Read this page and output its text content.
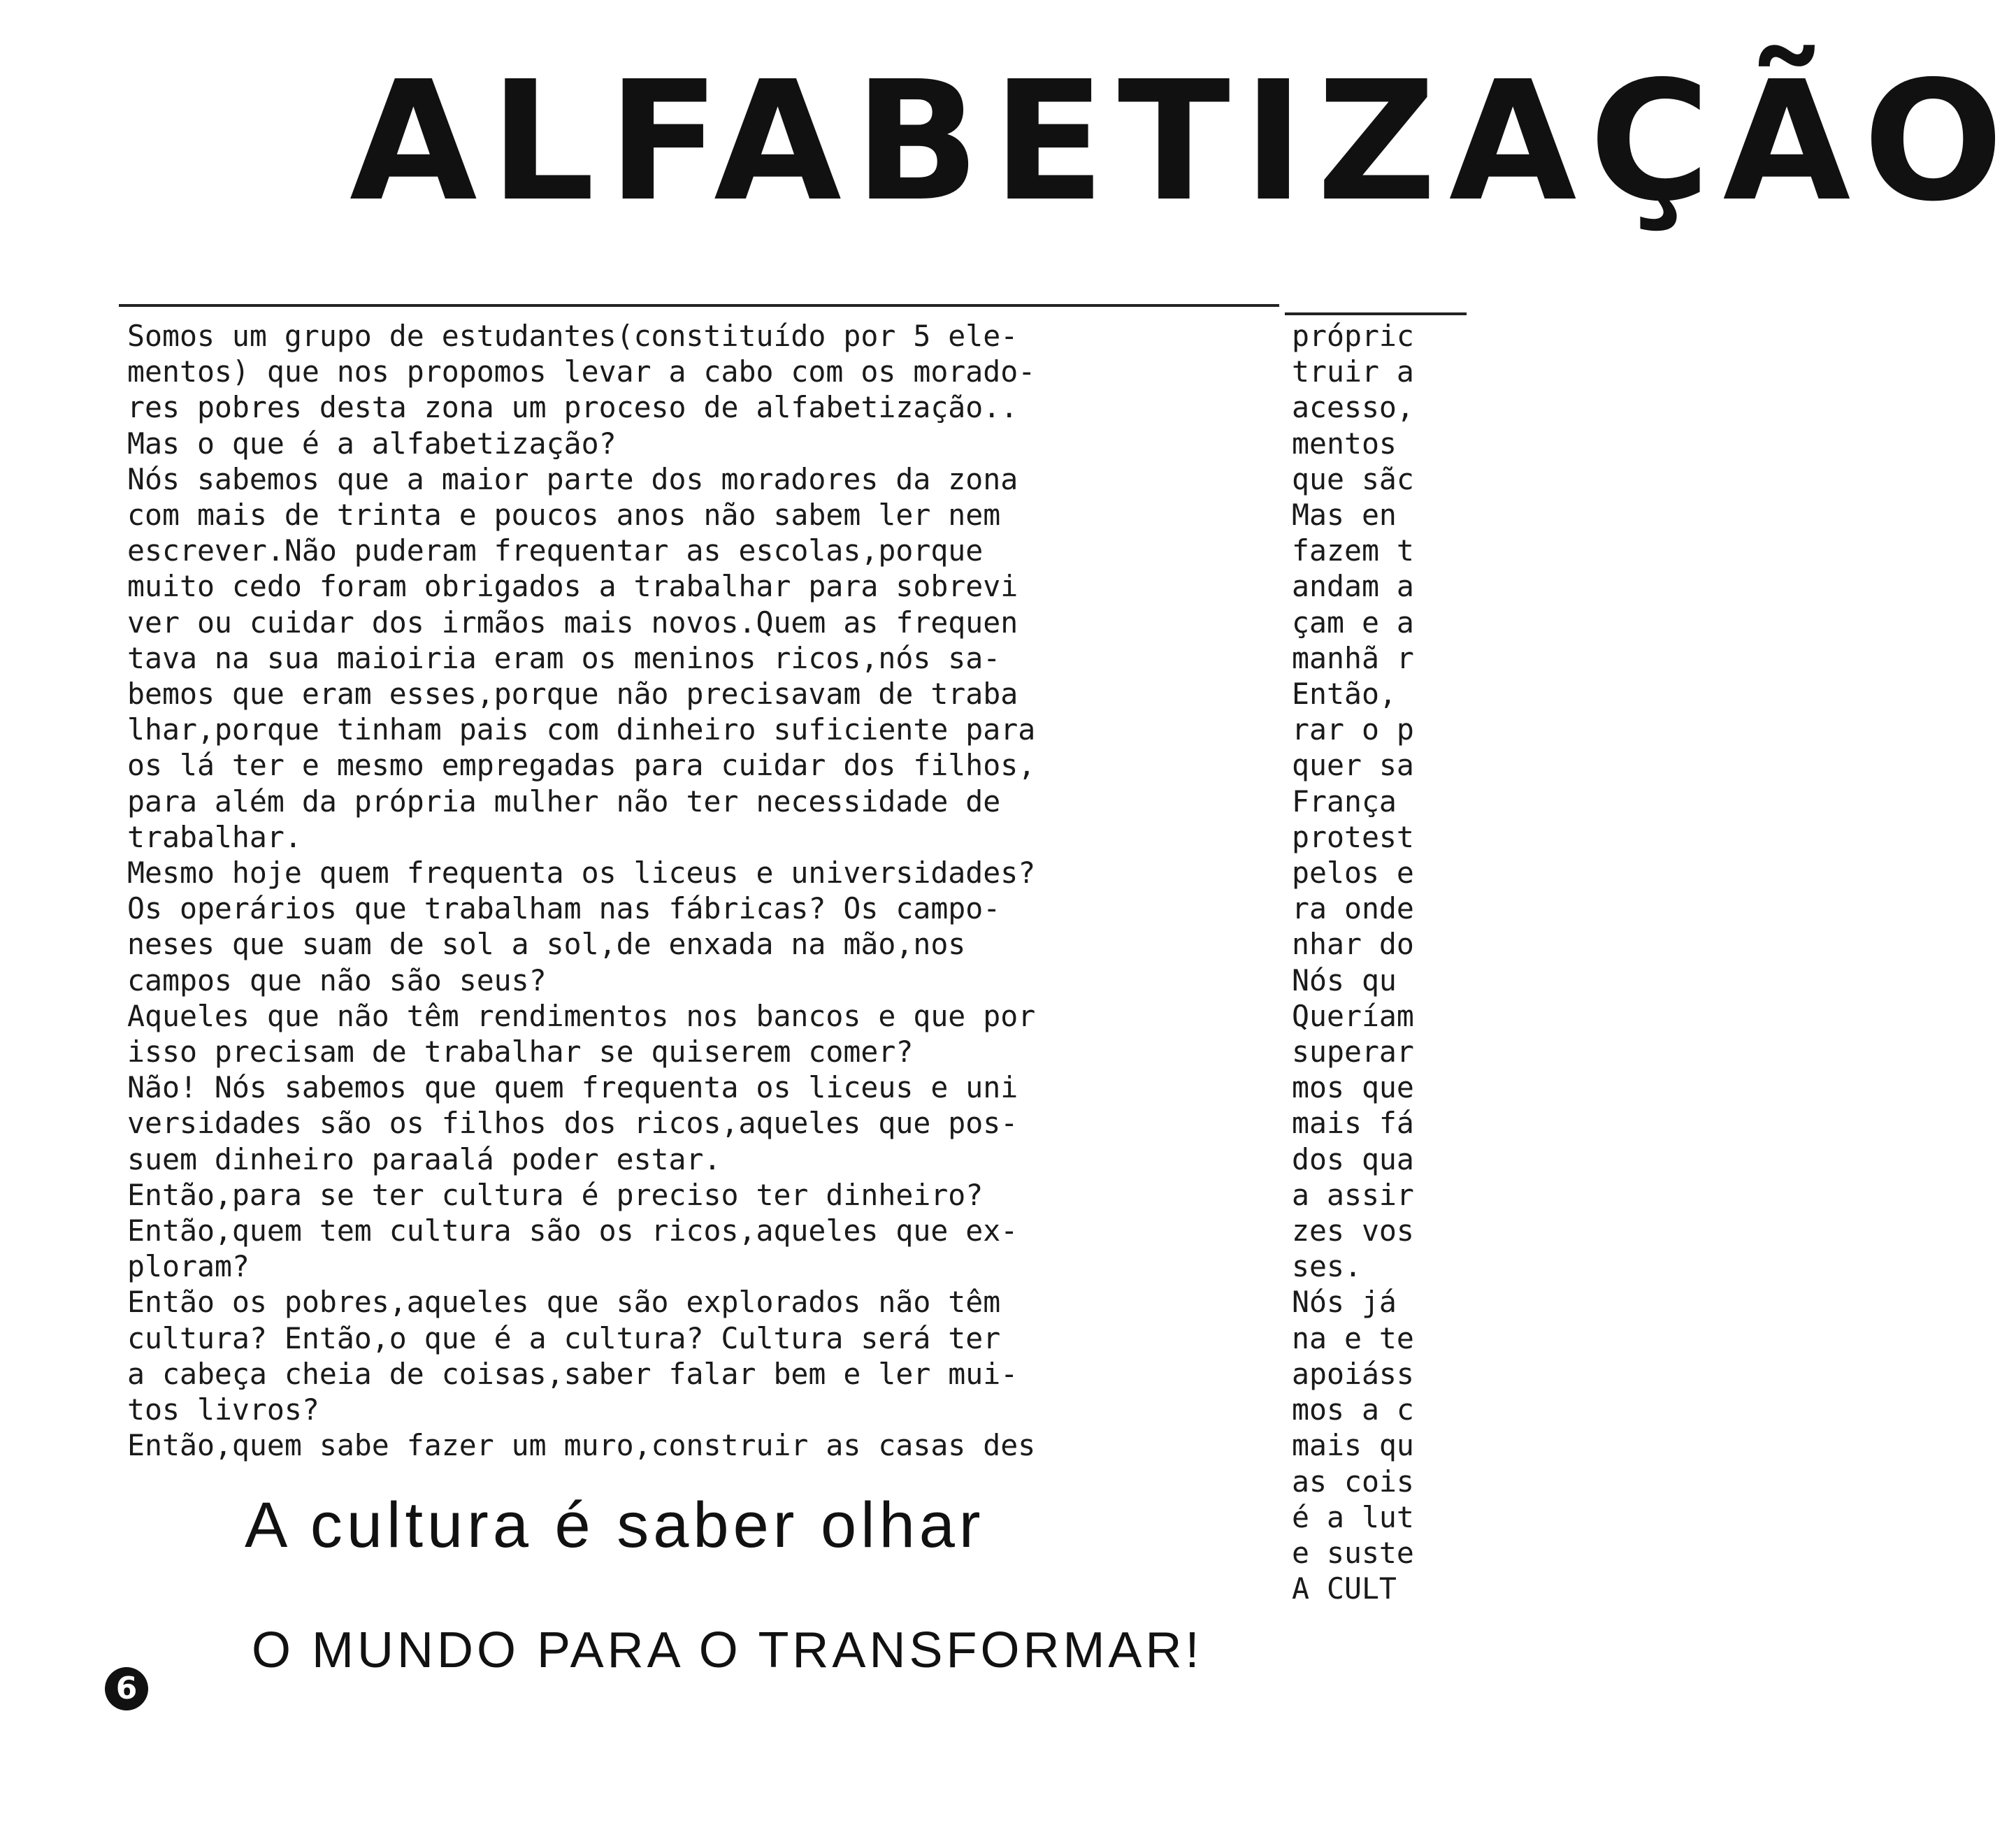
ALFABETIZAÇÃO
Somos um grupo de estudantes(constituído por 5 ele-
mentos) que nos propomos levar a cabo com os morado-
res pobres desta zona um proceso de alfabetização..
Mas o que é a alfabetização?
Nós sabemos que a maior parte dos moradores da zona
com mais de trinta e poucos anos não sabem ler nem
escrever.Não puderam frequentar as escolas,porque
muito cedo foram obrigados a trabalhar para sobrevi
ver ou cuidar dos irmãos mais novos.Quem as frequen
tava na sua maioiria eram os meninos ricos,nós sa-
bemos que eram esses,porque não precisavam de traba
lhar,porque tinham pais com dinheiro suficiente para
os lá ter e mesmo empregadas para cuidar dos filhos,
para além da própria mulher não ter necessidade de
trabalhar.
Mesmo hoje quem frequenta os liceus e universidades?
Os operários que trabalham nas fábricas? Os campo-
neses que suam de sol a sol,de enxada na mão,nos
campos que não são seus?
Aqueles que não têm rendimentos nos bancos e que por
isso precisam de trabalhar se quiserem comer?
Não! Nós sabemos que quem frequenta os liceus e uni
versidades são os filhos dos ricos,aqueles que pos-
suem dinheiro paraalá poder estar.
Então,para se ter cultura é preciso ter dinheiro?
Então,quem tem cultura são os ricos,aqueles que ex-
ploram?
Então os pobres,aqueles que são explorados não têm
cultura? Então,o que é a cultura? Cultura será ter
a cabeça cheia de coisas,saber falar bem e ler mui-
tos livros?
Então,quem sabe fazer um muro,construir as casas des
própric
truir a
acesso,
mentos
que sãc
Mas en
fazem t
andam a
çam e a
manhã r
Então,
rar o p
quer sa
França
protest
pelos e
ra onde
nhar do
Nós qu
Queríam
superar
mos que
mais fá
dos qua
a assir
zes vos
ses.
Nós já
na e te
apoiáss
mos a c
mais qu
as cois
é a lut
e suste
A CULT
A cultura é saber olhar
O MUNDO PARA O TRANSFORMAR!
6
